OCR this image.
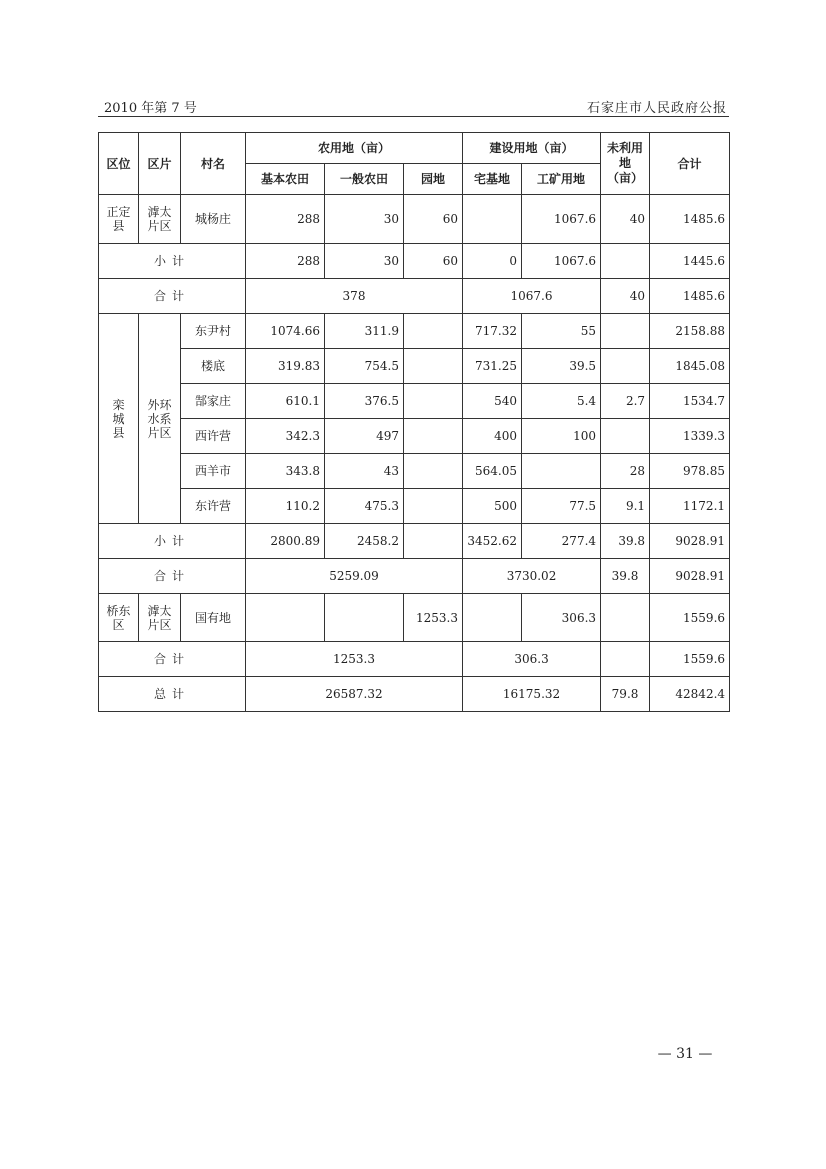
2010 年第 7 号	石家庄市人民政府公报
区位	区片	村名	农用地（亩）			建设用地（亩）		未利用地（亩）	合计
			基本农田	一般农田	园地	宅基地	工矿用地		
正定县	滹太片区	城杨庄	288	30	60		1067.6	40	1485.6
小计			288	30	60	0	1067.6		1445.6
合计			378			1067.6		40	1485.6
栾城县	外环水系片区	东尹村	1074.66	311.9		717.32	55		2158.88
		楼底	319.83	754.5		731.25	39.5		1845.08
		郜家庄	610.1	376.5		540	5.4	2.7	1534.7
		西许营	342.3	497		400	100		1339.3
		西羊市	343.8	43		564.05		28	978.85
		东许营	110.2	475.3		500	77.5	9.1	1172.1
小计			2800.89	2458.2		3452.62	277.4	39.8	9028.91
合计			5259.09			3730.02		39.8	9028.91
桥东区	滹太片区	国有地			1253.3		306.3		1559.6
合计			1253.3			306.3			1559.6
总计			26587.32			16175.32		79.8	42842.4
— 31 —
